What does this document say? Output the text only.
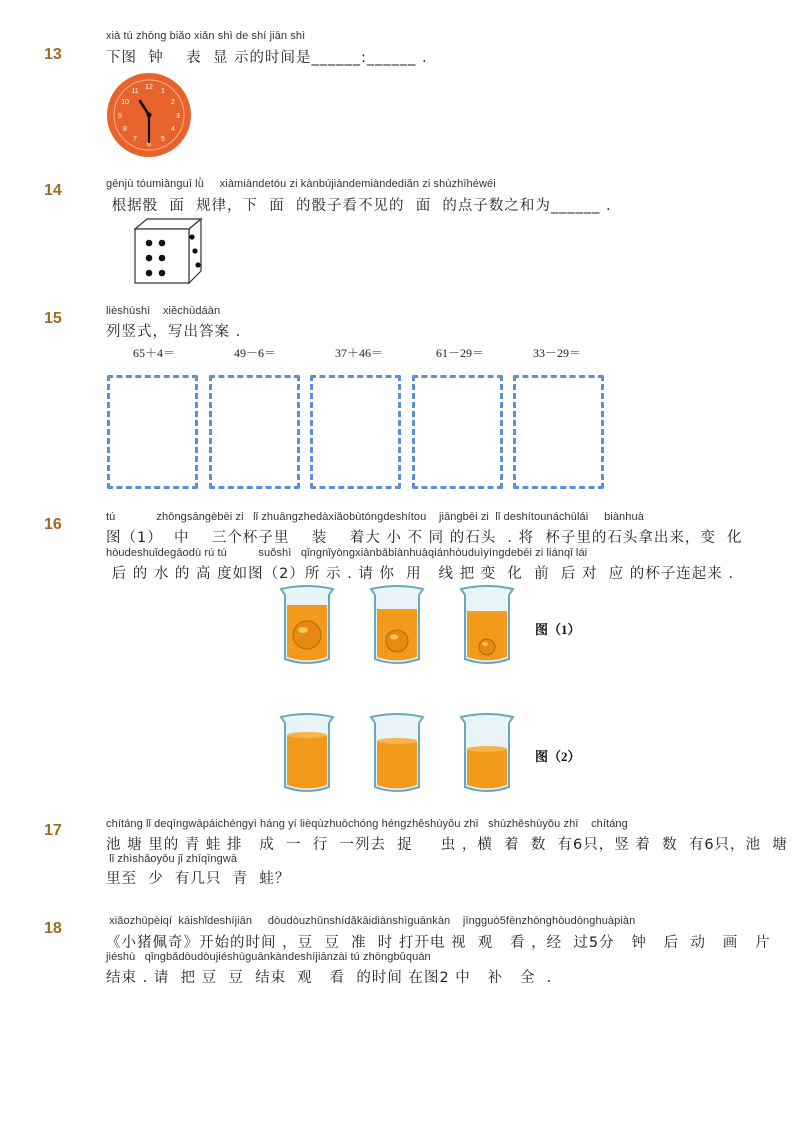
xià tú zhōng biǎo xiǎn shì de shí jiān shì
13	下图  钟    表  显 示的时间是______:______ .
12
1
2
3
4
5
6
7
8
9
10
11
gēnjù tóumiànguī lǜ     xiàmiàndetóu zi kànbújiàndemiàndediǎn zi shùzhīhéwéi
14
根据骰  面  规律，下  面  的骰子看不见的  面  的点子数之和为______ .
lièshùshì    xiěchūdáàn
15
列竖式，写出答案 .
65＋4＝	49－6＝	37＋46＝	61－29＝	33－29＝
tú             zhōngsāngèbēi zi   lǐ zhuāngzhedàxiǎobùtóngdeshítou    jiāngbēi zi  lǐ deshítounáchūlái     biànhuà
16
图（1）  中    三个杯子里    装    着大 小 不 同 的石头  . 将  杯子里的石头拿出来，变  化
hòudeshuǐdegāodù rú tú          suǒshì   qǐngnǐyòngxiànbǎbiànhuàqiánhòuduìyìngdebēi zi liánqǐ lái
后 的 水 的 高 度如图（2）所 示 . 请 你  用   线 把 变  化  前  后 对  应 的杯子连起来 .
图（1）
图（2）
chítáng lǐ deqīngwāpáichéngyì háng yí lièqùzhuōchóng héngzhěshùyǒu zhī   shùzhěshùyǒu zhī    chítáng
17
池 塘 里的 青 蛙 排   成  一  行  一列去  捉     虫 ，横  着  数  有6只，竖 着  数  有6只，池  塘
lǐ zhìshǎoyǒu jǐ zhīqīngwā
里至  少  有几只  青  蛙？
xiǎozhūpèiqí  kāishǐdeshíjiān     dòudòuzhǔnshídǎkāidiànshìguānkàn    jīngguò5fēnzhōnghòudònghuàpiàn
18
《小猪佩奇》开始的时间 ，豆  豆  准  时 打开电 视  观   看 ，经  过5分   钟   后  动   画   片
jiéshù   qǐngbǎdòudòujiéshùguānkàndeshíjiānzài tú zhōngbǔquán
结束 . 请  把 豆  豆  结束  观   看  的时间 在图2 中   补   全  .
